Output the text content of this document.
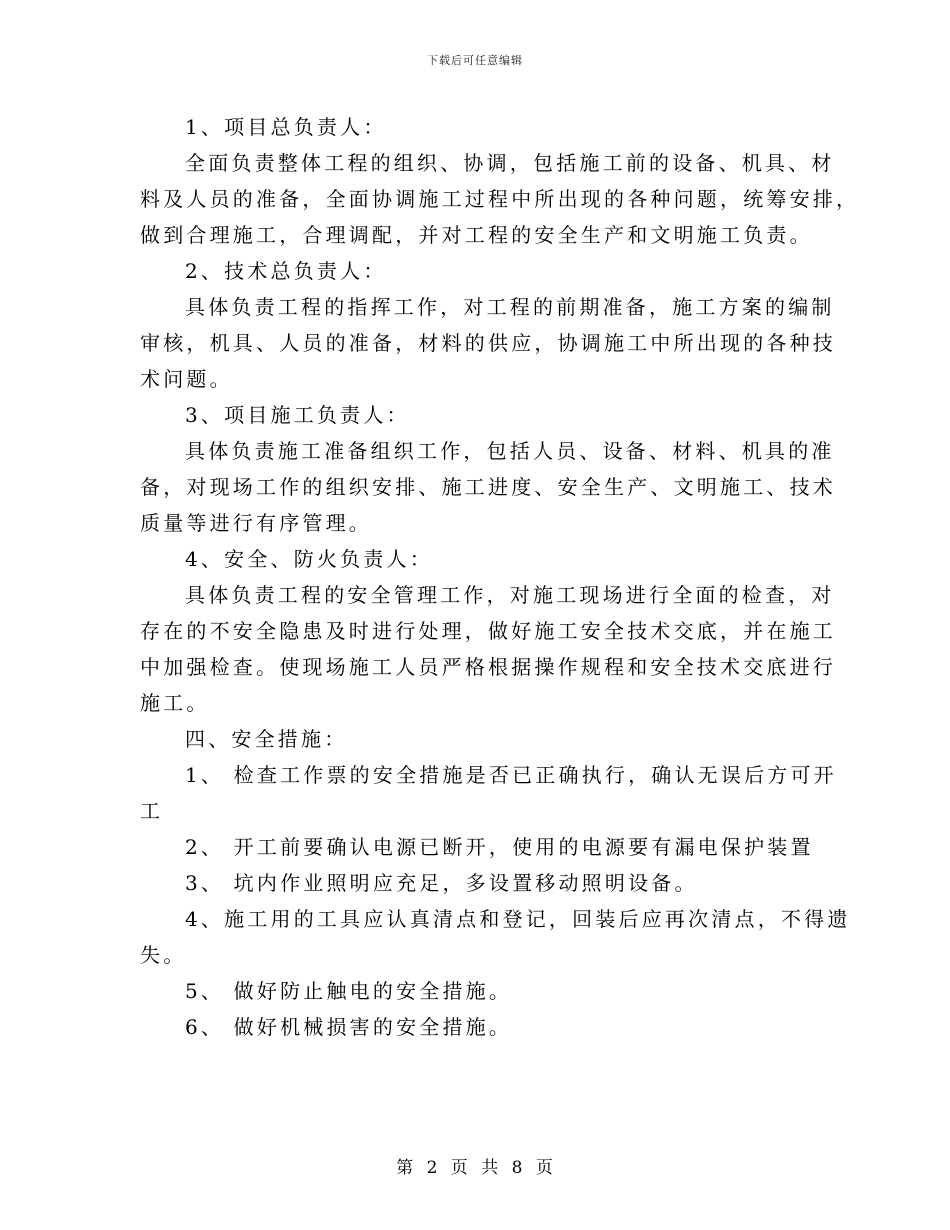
下载后可任意编辑

1、项目总负责人：

全面负责整体工程的组织、协调，包括施工前的设备、机具、材

料及人员的准备，全面协调施工过程中所出现的各种问题，统筹安排，

做到合理施工，合理调配，并对工程的安全生产和文明施工负责。

2、技术总负责人：

具体负责工程的指挥工作，对工程的前期准备，施工方案的编制

审核，机具、人员的准备，材料的供应，协调施工中所出现的各种技

术问题。

3、项目施工负责人：

具体负责施工准备组织工作，包括人员、设备、材料、机具的准

备，对现场工作的组织安排、施工进度、安全生产、文明施工、技术

质量等进行有序管理。

4、安全、防火负责人：

具体负责工程的安全管理工作，对施工现场进行全面的检查，对

存在的不安全隐患及时进行处理，做好施工安全技术交底，并在施工

中加强检查。使现场施工人员严格根据操作规程和安全技术交底进行

施工。

四、安全措施：

1、 检查工作票的安全措施是否已正确执行，确认无误后方可开

工

2、 开工前要确认电源已断开，使用的电源要有漏电保护装置

3、 坑内作业照明应充足，多设置移动照明设备。

4、施工用的工具应认真清点和登记，回装后应再次清点，不得遗

失。

5、 做好防止触电的安全措施。

6、 做好机械损害的安全措施。

第 2 页 共 8 页
